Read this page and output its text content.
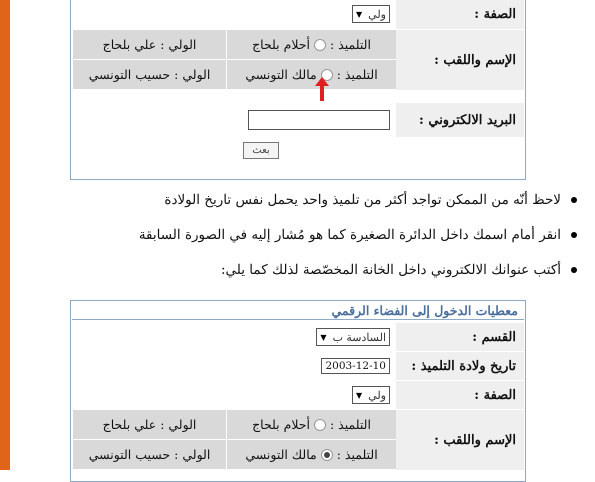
الصفة :
ولي
▼
الإسم واللقب :
التلميذ :
أحلام بلحاج
الولي :

علي بلحاج
التلميذ :
مالك التونسي
الولي :

حسيب التونسي
البريد الالكتروني :
بعث
لاحظ أنّه من الممكن تواجد أكثر من تلميذ واحد يحمل نفس تاريخ الولادة
انقر أمام اسمك داخل الدائرة الصغيرة كما هو مُشار إليه في الصورة السابقة
أكتب عنوانك الالكتروني داخل الخانة المخصّصة لذلك كما يلي:
معطيات الدخول إلى الفضاء الرقمي
القسم :
السادسة ب
▼
تاريخ ولادة التلميذ :
2003-12-10
الصفة :
ولي
▼
الإسم واللقب :
التلميذ :
أحلام بلحاج
الولي :

علي بلحاج
التلميذ :
مالك التونسي
الولي :

حسيب التونسي
